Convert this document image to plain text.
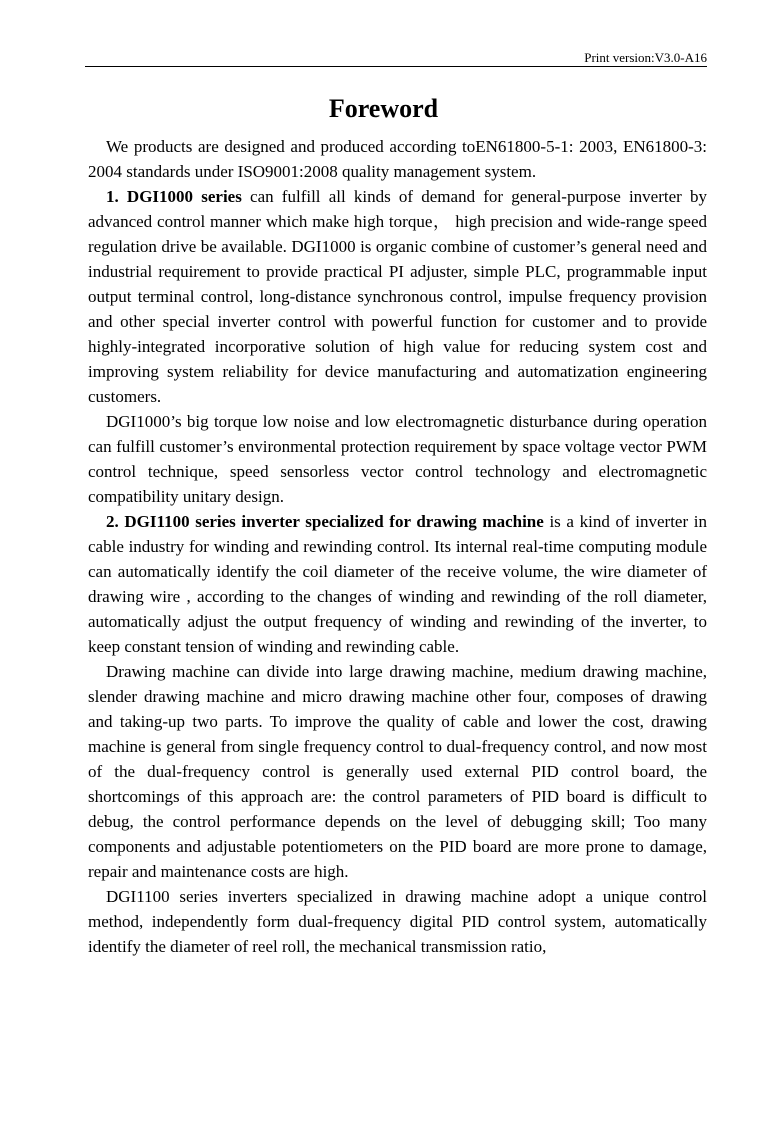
Print version:V3.0-A16
Foreword

We products are designed and produced according toEN61800-5-1: 2003, EN61800-3: 2004 standards under ISO9001:2008 quality management system.

1. DGI1000 series can fulfill all kinds of demand for general-purpose inverter by advanced control manner which make high torque， high precision and wide-range speed regulation drive be available. DGI1000 is organic combine of customer’s general need and industrial requirement to provide practical PI adjuster, simple PLC, programmable input output terminal control, long-distance synchronous control, impulse frequency provision and other special inverter control with powerful function for customer and to provide highly-integrated incorporative solution of high value for reducing system cost and improving system reliability for device manufacturing and automatization engineering customers.

DGI1000’s big torque low noise and low electromagnetic disturbance during operation can fulfill customer’s environmental protection requirement by space voltage vector PWM control technique, speed sensorless vector control technology and electromagnetic compatibility unitary design.

2. DGI1100 series inverter specialized for drawing machine is a kind of inverter in cable industry for winding and rewinding control. Its internal real-time computing module can automatically identify the coil diameter of the receive volume, the wire diameter of drawing wire , according to the changes of winding and rewinding of the roll diameter, automatically adjust the output frequency of winding and rewinding of the inverter, to keep constant tension of winding and rewinding cable.

Drawing machine can divide into large drawing machine, medium drawing machine, slender drawing machine and micro drawing machine other four, composes of drawing and taking-up two parts. To improve the quality of cable and lower the cost, drawing machine is general from single frequency control to dual-frequency control, and now most of the dual-frequency control is generally used external PID control board, the shortcomings of this approach are: the control parameters of PID board is difficult to debug, the control performance depends on the level of debugging skill; Too many components and adjustable potentiometers on the PID board are more prone to damage, repair and maintenance costs are high.

DGI1100 series inverters specialized in drawing machine adopt a unique control method, independently form dual-frequency digital PID control system, automatically identify the diameter of reel roll, the mechanical transmission ratio,
